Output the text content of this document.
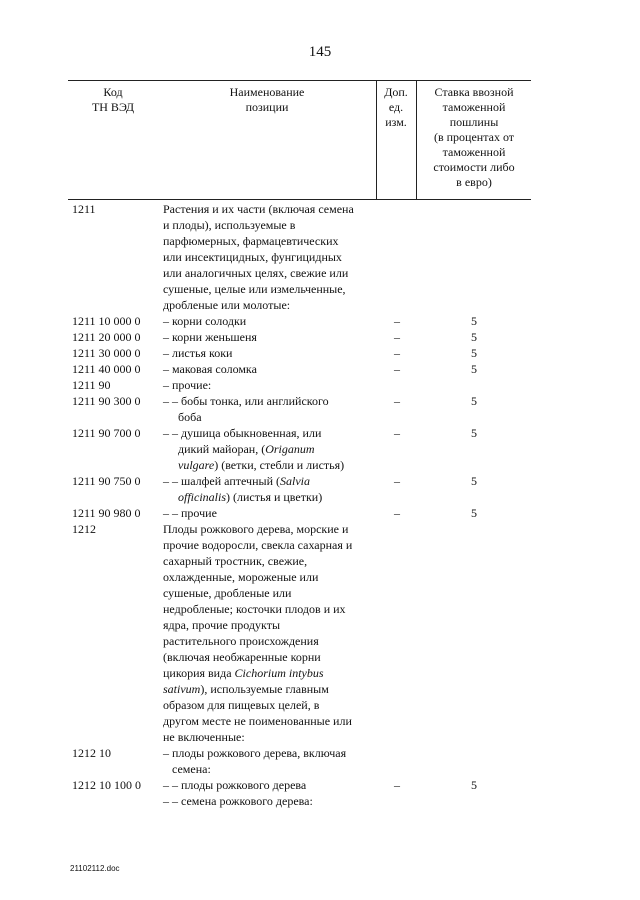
145
Код
ТН ВЭД
Наименование
позиции
Доп.
ед.
изм.
Ставка ввозной
таможенной
пошлины
(в процентах от
таможенной
стоимости либо
в евро)
1211	Растения и их части (включая семена
и плоды), используемые в
парфюмерных, фармацевтических
или инсектицидных, фунгицидных
или аналогичных целях, свежие или
сушеные, целые или измельченные,
дробленые или молотые:
1211 10 000 0 – корни солодки	–	5
1211 20 000 0 – корни женьшеня	–	5
1211 30 000 0 – листья коки	–	5
1211 40 000 0 – маковая соломка	–	5
1211 90	– прочие:
1211 90 300 0 – – бобы тонка, или английского
боба
–	5
1211 90 700 0 – – душица обыкновенная, или
дикий майоран, (Origanum
vulgare) (ветки, стебли и листья)
–	5
1211 90 750 0 – – шалфей аптечный (Salvia
officinalis) (листья и цветки)
–	5
1211 90 980 0 – – прочие	–	5
1212	Плоды рожкового дерева, морские и
прочие водоросли, свекла сахарная и
сахарный тростник, свежие,
охлажденные, мороженые или
сушеные, дробленые или
недробленые; косточки плодов и их
ядра, прочие продукты
растительного происхождения
(включая необжаренные корни
цикория вида Cichorium intybus
sativum), используемые главным
образом для пищевых целей, в
другом месте не поименованные или
не включенные:
1212 10	– плоды рожкового дерева, включая
семена:
1212 10 100 0 – – плоды рожкового дерева	–	5
– – семена рожкового дерева:
21102112.doc
